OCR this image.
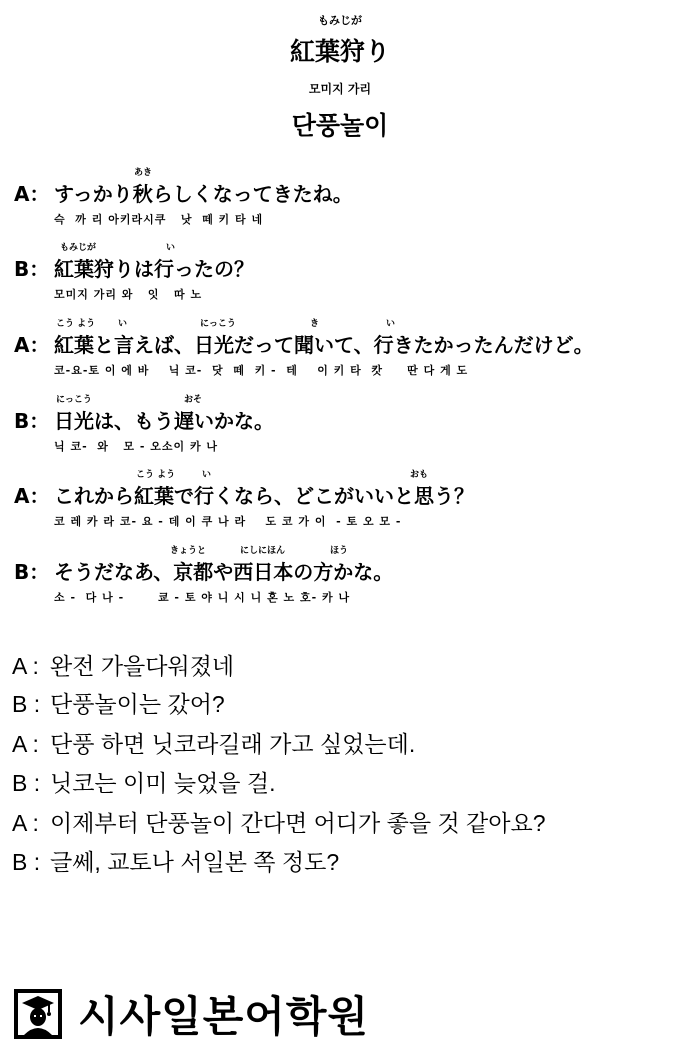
もみじが
紅葉狩り
모미지 가리
단풍놀이
あき
A： すっかり秋らしくなってきたね。
슥  까 리 아키라시쿠   낫  떼 키 타 네
もみじが	い
B： 紅葉狩りは行ったの？
모미지 가리 와   잇   따 노
こう よう	い	にっこう	き	い
A： 紅葉と言えば、日光だって聞いて、行きたかったんだけど。
코-요-토 이 에 바    닉 코-  닷  떼  키 -  테    이 키 타  캇     딴 다 게 도
にっこう	おそ
B： 日光は、もう遅いかな。
닉 코-  와   모 - 오소이 카 나
こう よう	い	おも
A： これから紅葉で行くなら、どこがいいと思う？
코 레 카 라 코- 요 - 데 이 쿠 나 라    도 코 가 이  - 토 오 모 -
きょうと	にしにほん	ほう
B： そうだなあ、京都や西日本の方かな。
소 -  다 나 -       쿄 - 토 야 니 시 니 혼 노 호- 카 나
A : 완전 가을다워졌네
B : 단풍놀이는 갔어?
A : 단풍 하면 닛코라길래 가고 싶었는데.
B : 닛코는 이미 늦었을 걸.
A : 이제부터 단풍놀이 간다면 어디가 좋을 것 같아요?
B : 글쎄, 교토나 서일본 쪽 정도?
시사일본어학원
